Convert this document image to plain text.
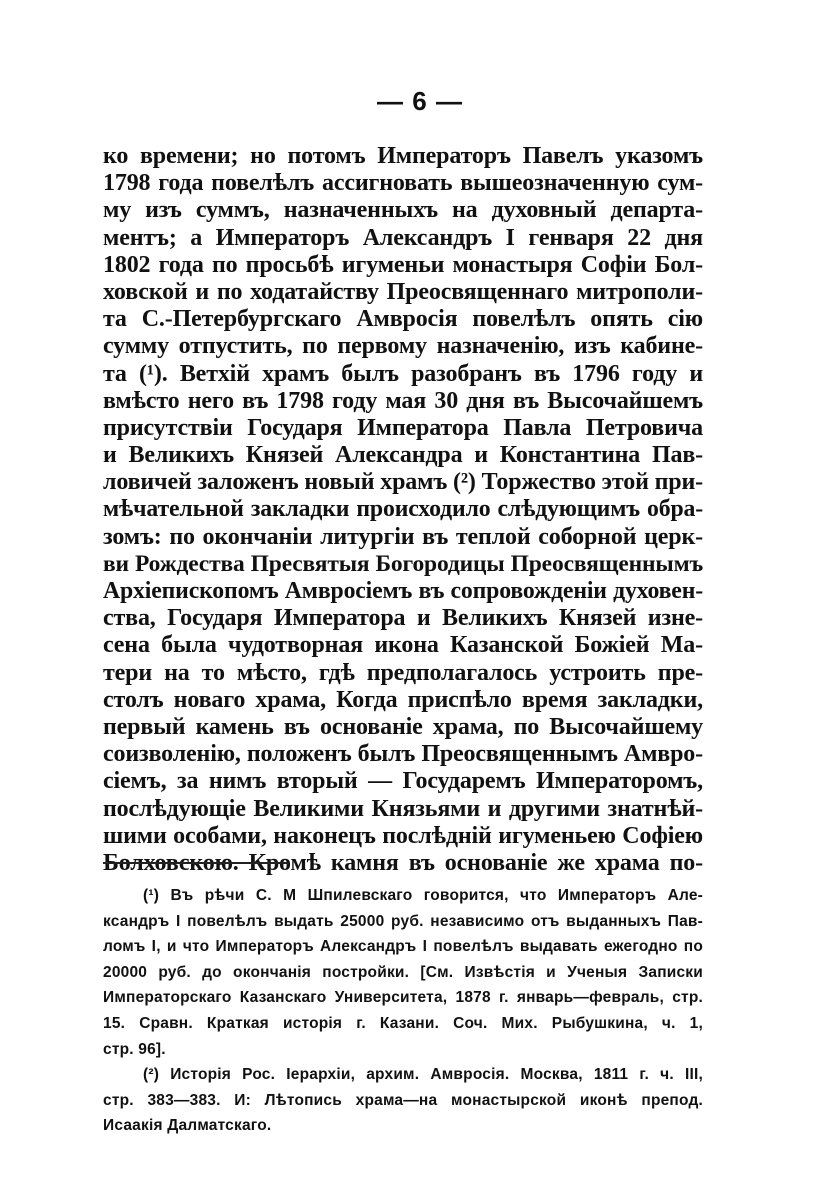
— 6 —
ко времени; но потомъ Императоръ Павелъ указомъ
1798 года повелѣлъ ассигновать вышеозначенную сум-
му изъ суммъ, назначенныхъ на духовный департа-
ментъ; а Императоръ Александръ I генваря 22 дня
1802 года по просьбѣ игуменьи монастыря Софіи Бол-
ховской и по ходатайству Преосвященнаго митрополи-
та С.-Петербургскаго Амвросія повелѣлъ опять сію
сумму отпустить, по первому назначенію, изъ кабине-
та (¹). Ветхій храмъ былъ разобранъ въ 1796 году и
вмѣсто него въ 1798 году мая 30 дня въ Высочайшемъ
присутствіи Государя Императора Павла Петровича
и Великихъ Князей Александра и Константина Пав-
ловичей заложенъ новый храмъ (²) Торжество этой при-
мѣчательной закладки происходило слѣдующимъ обра-
зомъ: по окончаніи литургіи въ теплой соборной церк-
ви Рождества Пресвятыя Богородицы Преосвященнымъ
Архіепископомъ Амвросіемъ въ сопровожденіи духовен-
ства, Государя Императора и Великихъ Князей изне-
сена была чудотворная икона Казанской Божіей Ма-
тери на то мѣсто, гдѣ предполагалось устроить пре-
столъ новаго храма, Когда приспѣло время закладки,
первый камень въ основаніе храма, по Высочайшему
соизволенію, положенъ былъ Преосвященнымъ Амвро-
сіемъ, за нимъ вторый — Государемъ Императоромъ,
послѣдующіе Великими Князьями и другими знатнѣй-
шими особами, наконецъ послѣдній игуменьею Софіею
Болховскою. Кромѣ камня въ основаніе же храма по-
(¹) Въ рѣчи С. М Шпилевскаго говорится, что Императоръ Але-
ксандръ I повелѣлъ выдать 25000 руб. независимо отъ выданныхъ Пав-
ломъ I, и что Императоръ Александръ I повелѣлъ выдавать ежегодно по
20000 руб. до окончанія постройки. [См. Извѣстія и Ученыя Записки
Императорскаго Казанскаго Университета, 1878 г. январь—февраль, стр.
15. Сравн. Краткая исторія г. Казани. Соч. Мих. Рыбушкина, ч. 1,
стр. 96].
(²) Исторія Рос. Іерархіи, архим. Амвросія. Москва, 1811 г. ч. III,
стр. 383—383. И: Лѣтопись храма—на монастырской иконѣ препод.
Исаакія Далматскаго.
